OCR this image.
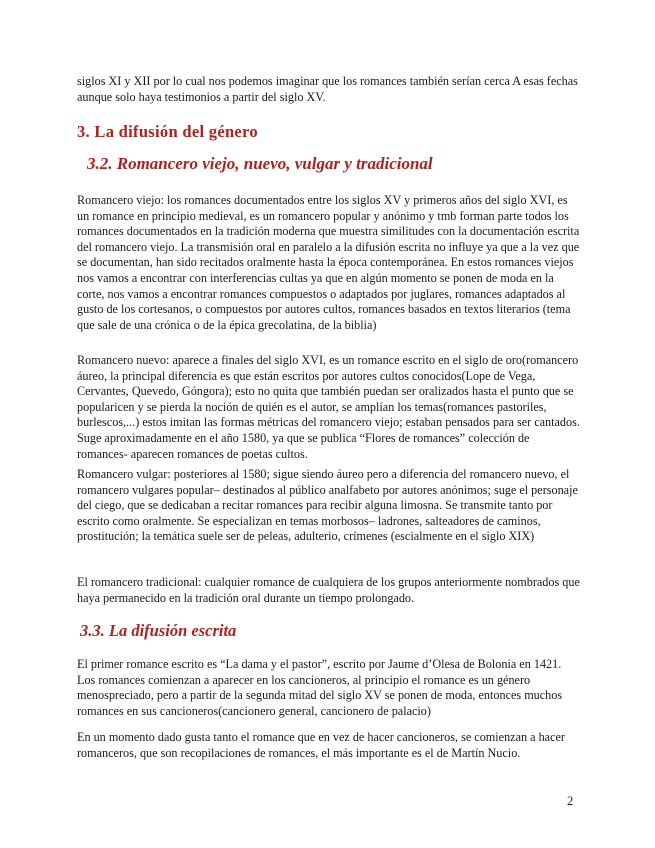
siglos XI y XII por lo cual nos podemos imaginar que los romances también serían cerca A esas fechas aunque solo haya testimonios a partir del siglo XV.

3. La difusión del género
3.2. Romancero viejo, nuevo, vulgar y tradicional

Romancero viejo: los romances documentados entre los siglos XV y primeros años del siglo XVI, es un romance en principio medieval, es un romancero popular y anónimo y tmb forman parte todos los romances documentados en la tradición moderna que muestra similitudes con la documentación escrita del romancero viejo. La transmisión oral en paralelo a la difusión escrita no influye ya que a la vez que se documentan, han sido recitados oralmente hasta la época contemporánea. En estos romances viejos nos vamos a encontrar con interferencias cultas ya que en algún momento se ponen de moda en la corte, nos vamos a encontrar romances compuestos o adaptados por juglares, romances adaptados al gusto de los cortesanos, o compuestos por autores cultos, romances basados en textos literarios (tema que sale de una crónica o de la épica grecolatina, de la biblia)

Romancero nuevo: aparece a finales del siglo XVI, es un romance escrito en el siglo de oro(romancero áureo, la principal diferencia es que están escritos por autores cultos conocidos(Lope de Vega, Cervantes, Quevedo, Góngora); esto no quita que también puedan ser oralizados hasta el punto que se popularicen y se pierda la noción de quién es el autor, se amplían los temas(romances pastoriles, burlescos,...) estos imitan las formas métricas del romancero viejo; estaban pensados para ser cantados. Suge aproximadamente en el año 1580, ya que se publica “Flores de romances” colección de romances- aparecen romances de poetas cultos.

Romancero vulgar: posteriores al 1580; sigue siendo áureo pero a diferencia del romancero nuevo, el romancero vulgares popular– destinados al público analfabeto por autores anónimos; suge el personaje del ciego, que se dedicaban a recitar romances para recibir alguna limosna. Se transmite tanto por escrito como oralmente. Se especializan en temas morbosos– ladrones, salteadores de caminos, prostitución; la temática suele ser de peleas, adulterio, crímenes (escialmente en el siglo XIX)

El romancero tradicional: cualquier romance de cualquiera de los grupos anteriormente nombrados que haya permanecido en la tradición oral durante un tiempo prolongado.

3.3. La difusión escrita

El primer romance escrito es “La dama y el pastor”, escrito por Jaume d’Olesa de Bolonia en 1421. Los romances comienzan a aparecer en los cancioneros, al principio el romance es un género menospreciado, pero a partir de la segunda mitad del siglo XV se ponen de moda, entonces muchos romances en sus cancioneros(cancionero general, cancionero de palacio)

En un momento dado gusta tanto el romance que en vez de hacer cancioneros, se comienzan a hacer romanceros, que son recopilaciones de romances, el más importante es el de Martín Nucio.

2
